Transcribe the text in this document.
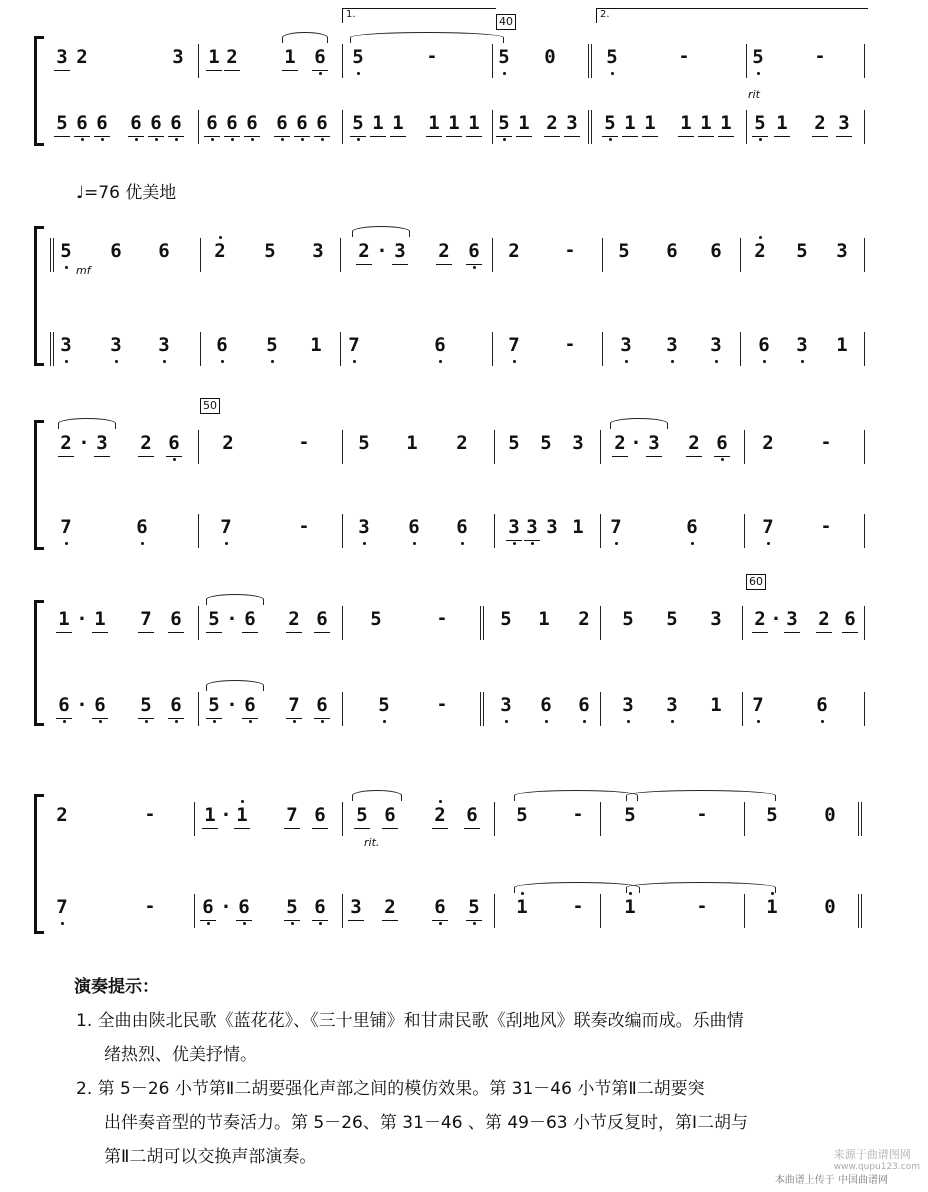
1.	2.
40
3 2	3 1 2 1 6 5	-	5 0	5	-	5	-
rit
5 6 6 6 6 6 6 6 6 6 6 6 5 1 1 1 1 1 5 1 2 3 5 1 1 1 1 1 5 1 2 3
♩=76 优美地
5 6 6 2 5 3 2 · 3 2 6 2	- 5 6 6 2 5 3
mf
3 3 3 6 5 1 7	6	7	- 3 3 3 6 3 1
50
2 · 3 2 6 2	-	5 1 2 5 5 3 2 · 3 2 6 2	-
7	6	7	-	3 6 6 3 3 3 1 7	6	7	-
60
1 · 1 7 6 5 · 6 2 6 5	-	5 1 2 5 5 3 2 · 3 2 6
6 · 6 5 6 5 · 6 7 6	5	-	3 6 6 3 3 1 7	6
2	-	1 · 1 7 6 5 6 2 6 5	- 5	-	5 0
rit.
7	-	6 · 6 5 6 3 2 6 5 1	- 1	-	1 0
演奏提示：
1. 全曲由陕北民歌《蓝花花》、《三十里铺》和甘肃民歌《刮地风》联奏改编而成。乐曲情
绪热烈、优美抒情。
2. 第 5－26 小节第Ⅱ二胡要强化声部之间的模仿效果。第 31－46 小节第Ⅱ二胡要突
出伴奏音型的节奏活力。第 5－26、第 31－46 、第 49－63 小节反复时，第Ⅰ二胡与
第Ⅱ二胡可以交换声部演奏。	来源于曲谱图网
www.qupu123.com
本曲谱上传于 中国曲谱网
